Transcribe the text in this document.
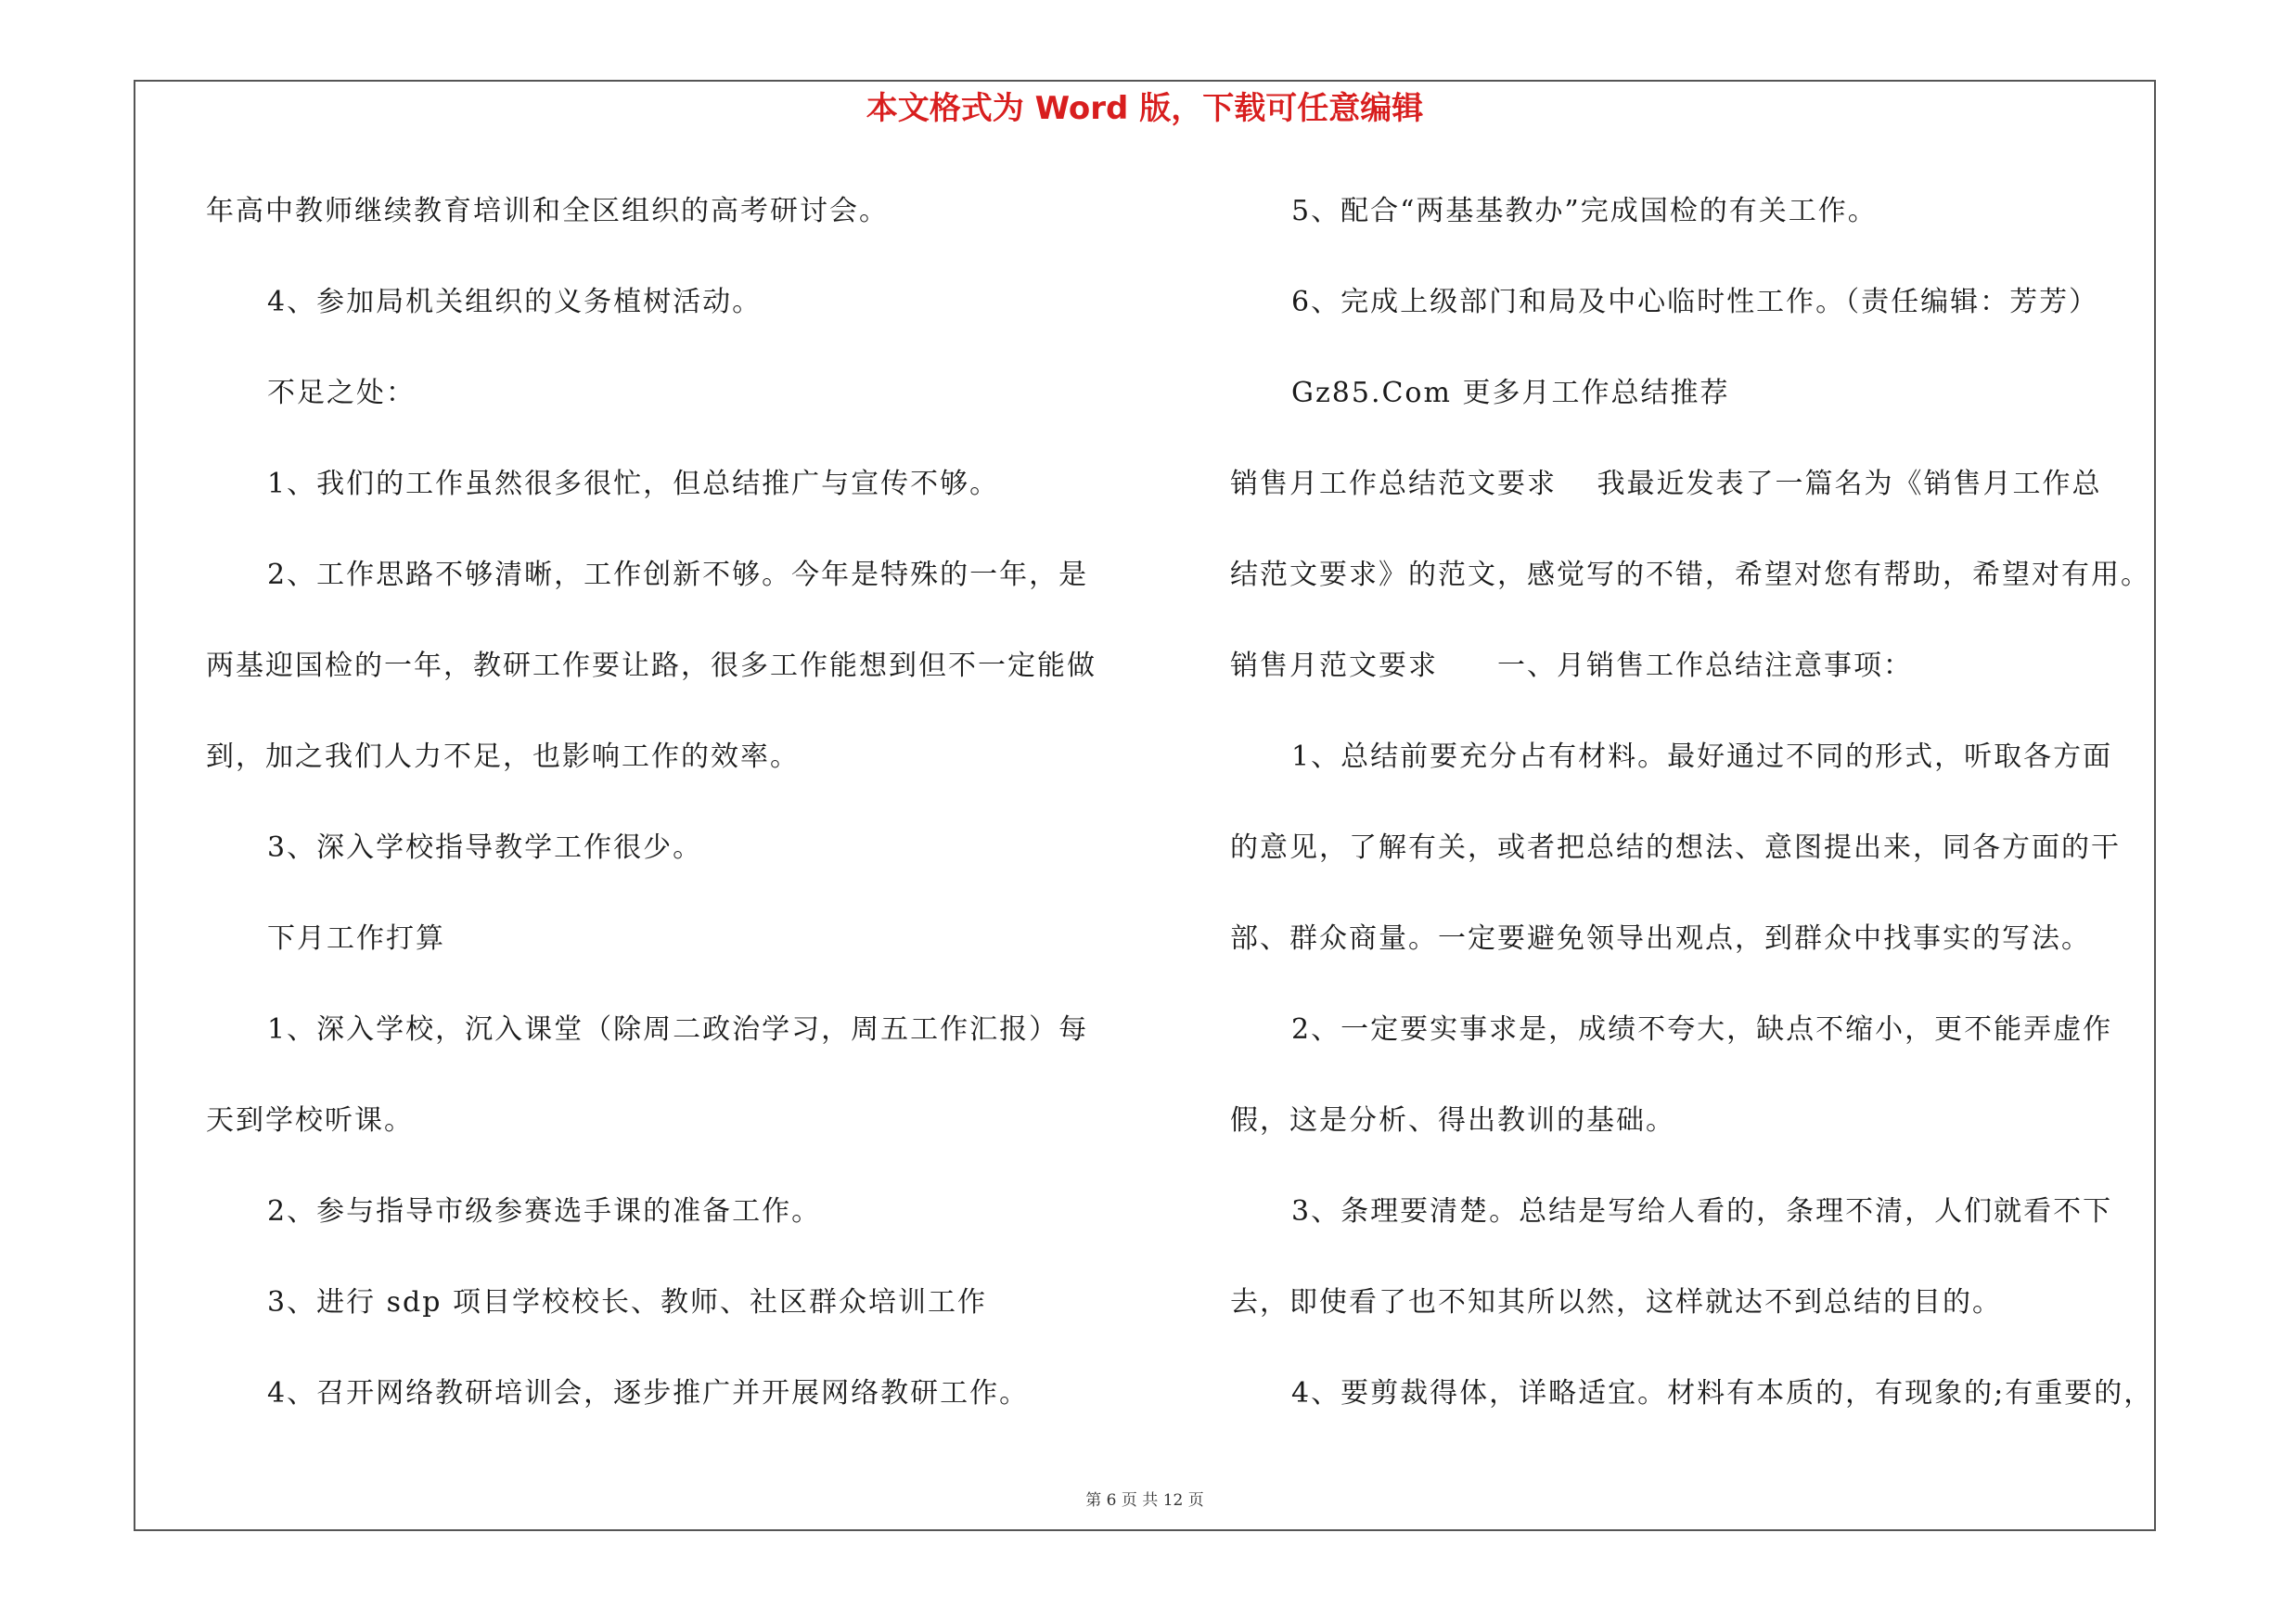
本文格式为 Word 版，下载可任意编辑
年高中教师继续教育培训和全区组织的高考研讨会。
4、参加局机关组织的义务植树活动。
不足之处：
1、我们的工作虽然很多很忙，但总结推广与宣传不够。
2、工作思路不够清晰，工作创新不够。今年是特殊的一年，是
两基迎国检的一年，教研工作要让路，很多工作能想到但不一定能做
到，加之我们人力不足，也影响工作的效率。
3、深入学校指导教学工作很少。
下月工作打算
1、深入学校，沉入课堂（除周二政治学习，周五工作汇报）每
天到学校听课。
2、参与指导市级参赛选手课的准备工作。
3、进行 sdp 项目学校校长、教师、社区群众培训工作
4、召开网络教研培训会，逐步推广并开展网络教研工作。
5、配合“两基基教办”完成国检的有关工作。
6、完成上级部门和局及中心临时性工作。（责任编辑：芳芳）
Gz85.Com 更多月工作总结推荐
销售月工作总结范文要求　 我最近发表了一篇名为《销售月工作总
结范文要求》的范文，感觉写的不错，希望对您有帮助，希望对有用。
销售月范文要求　　一、月销售工作总结注意事项：
1、总结前要充分占有材料。最好通过不同的形式，听取各方面
的意见，了解有关，或者把总结的想法、意图提出来，同各方面的干
部、群众商量。一定要避免领导出观点，到群众中找事实的写法。
2、一定要实事求是，成绩不夸大，缺点不缩小，更不能弄虚作
假，这是分析、得出教训的基础。
3、条理要清楚。总结是写给人看的，条理不清，人们就看不下
去，即使看了也不知其所以然，这样就达不到总结的目的。
4、要剪裁得体，详略适宜。材料有本质的，有现象的;有重要的，
第 6 页 共 12 页
